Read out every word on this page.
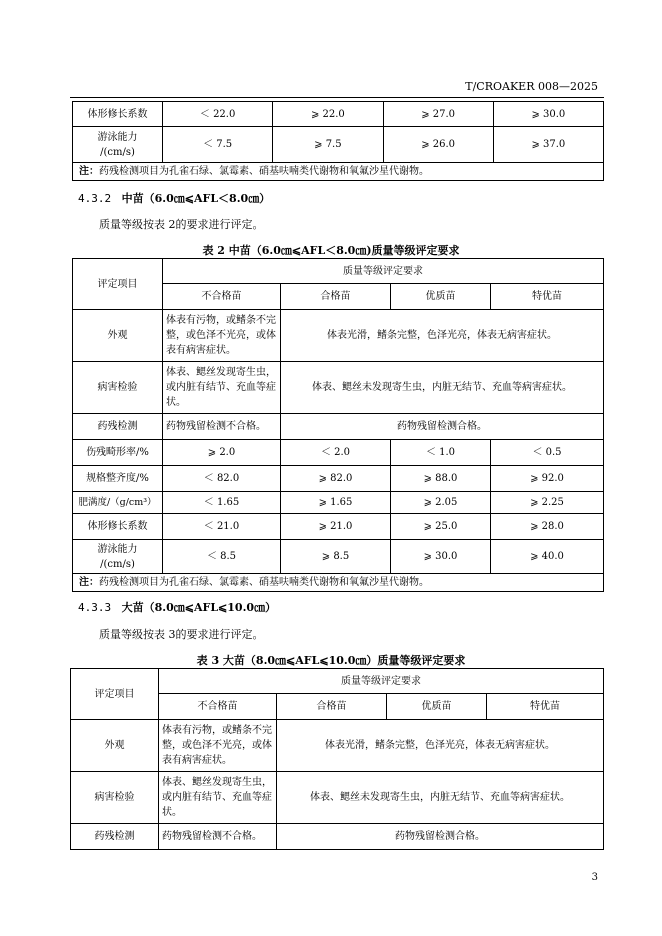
T/CROAKER 008—2025
体形修长系数	＜ 22.0	⩾ 22.0	⩾ 27.0	⩾ 30.0
游泳能力
/(cm/s)	＜ 7.5	⩾ 7.5	⩾ 26.0	⩾ 37.0
注：药残检测项目为孔雀石绿、氯霉素、硝基呋喃类代谢物和氧氟沙星代谢物。				
4.3.2 中苗（6.0㎝⩽AFL＜8.0㎝）
质量等级按表 2的要求进行评定。
表 2 中苗（6.0㎝⩽AFL＜8.0㎝)质量等级评定要求
评定项目	质量等级评定要求			
	不合格苗	合格苗	优质苗	特优苗
外观	体表有污物，或鳍条不完整，或色泽不光亮，或体表有病害症状。	体表光滑，鳍条完整，色泽光亮，体表无病害症状。		
病害检验	体表、鳃丝发现寄生虫，或内脏有结节、充血等症状。	体表、鳃丝未发现寄生虫，内脏无结节、充血等病害症状。		
药残检测	药物残留检测不合格。	药物残留检测合格。		
伤残畸形率/%	⩾ 2.0	＜ 2.0	＜ 1.0	＜ 0.5
规格整齐度/%	＜ 82.0	⩾ 82.0	⩾ 88.0	⩾ 92.0
肥满度/（g/cm³）	＜ 1.65	⩾ 1.65	⩾ 2.05	⩾ 2.25
体形修长系数	＜ 21.0	⩾ 21.0	⩾ 25.0	⩾ 28.0
游泳能力
/(cm/s)	＜ 8.5	⩾ 8.5	⩾ 30.0	⩾ 40.0
注：药残检测项目为孔雀石绿、氯霉素、硝基呋喃类代谢物和氧氟沙星代谢物。				
4.3.3 大苗（8.0㎝⩽AFL⩽10.0㎝）
质量等级按表 3的要求进行评定。
表 3 大苗（8.0㎝⩽AFL⩽10.0㎝）质量等级评定要求
评定项目	质量等级评定要求			
	不合格苗	合格苗	优质苗	特优苗
外观	体表有污物，或鳍条不完整，或色泽不光亮，或体表有病害症状。	体表光滑，鳍条完整，色泽光亮，体表无病害症状。		
病害检验	体表、鳃丝发现寄生虫，或内脏有结节、充血等症状。	体表、鳃丝未发现寄生虫，内脏无结节、充血等病害症状。		
药残检测	药物残留检测不合格。	药物残留检测合格。		
3
